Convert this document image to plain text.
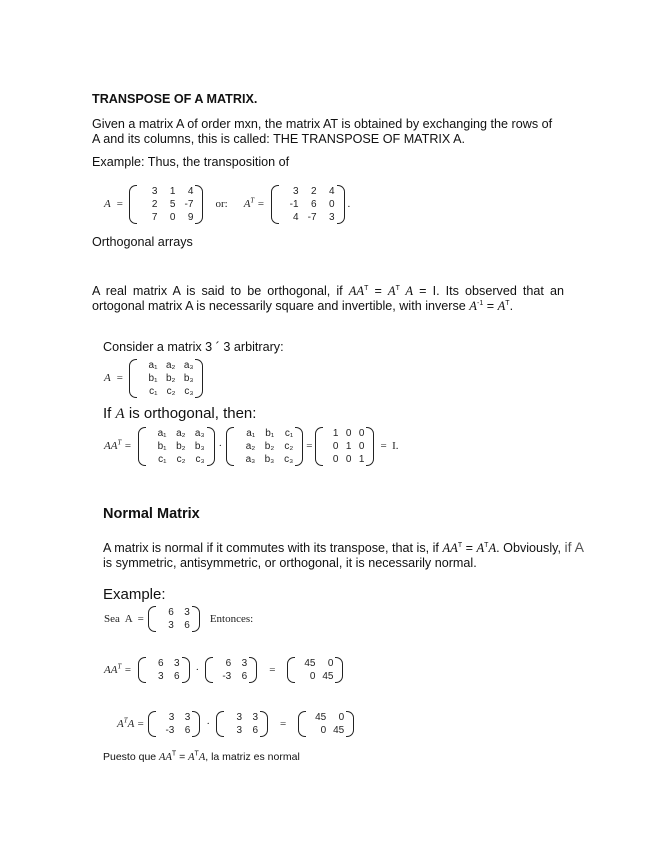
TRANSPOSE OF A MATRIX.
Given a matrix A of order mxn, the matrix AT is obtained by exchanging the rows of
A and its columns, this is called: THE TRANSPOSE OF MATRIX A.
Example: Thus, the transposition of
A  =
3	1	4
2	5 -7
7	0	9
or: $A^T$ =
3	2	4
-1	6	0
4 -7	3
.
Orthogonal arrays
A real matrix A is said to be orthogonal, if $AA^T = A^T$ A = I. Its observed that an
ortogonal matrix A is necessarily square and invertible, with inverse $A^{-1} = A^T$.
Consider a matrix 3 ´ 3 arbitrary:
A  =
a₁ a₂ a₃
b₁ b₂ b₃
c₁ c₂ c₃
If A is orthogonal, then:
$AA^T$ =
a₁ a₂ a₃
b₁ b₂ b₃
c₁	c₂ c₃
·
a₁	b₁	c₁
a₂ b₂	c₂
a₃ b₃ c₃
=
1 0 0
0 1 0
0 0 1
=  I.
Normal Matrix
A matrix is normal if it commutes with its transpose, that is, if $AA^T = A^TA$. Obviously, if A
is symmetric, antisymmetric, or orthogonal, it is necessarily normal.
Example:
Sea  A  =
6	3
3	6
Entonces:
$AA^T$ =
6	3
3	6
·
6	3
-3	6
=
45	0
0 45
$A^TA$ =
3	3
-3	6
·
3	3
3	6
=
45	0
0 45
Puesto que $AA^T = A^TA$, la matriz es normal
